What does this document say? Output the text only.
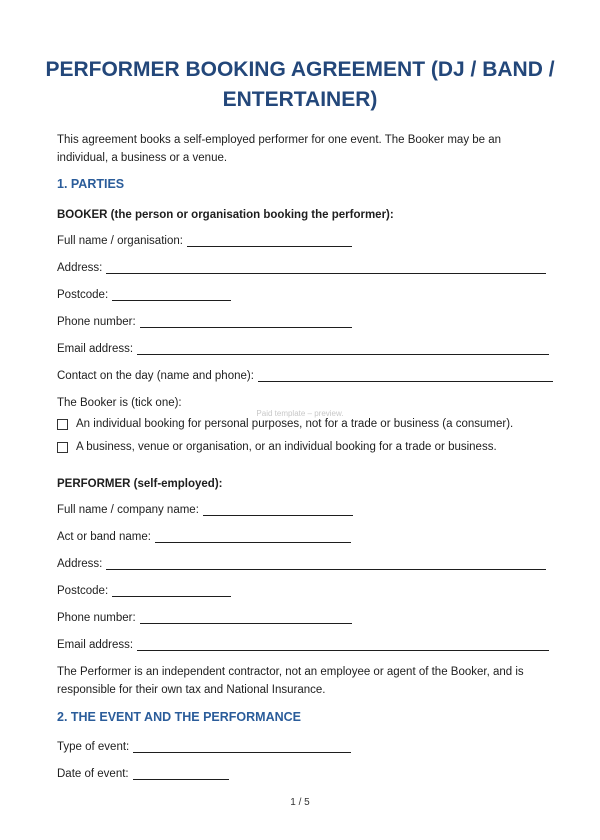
PERFORMER BOOKING AGREEMENT (DJ / BAND / ENTERTAINER)

This agreement books a self-employed performer for one event. The Booker may be an individual, a business or a venue.

1. PARTIES

BOOKER (the person or organisation booking the performer):

Full name / organisation:
Address:
Postcode:
Phone number:
Email address:
Contact on the day (name and phone):

The Booker is (tick one):

An individual booking for personal purposes, not for a trade or business (a consumer).
A business, venue or organisation, or an individual booking for a trade or business.

PERFORMER (self-employed):

Full name / company name:
Act or band name:
Address:
Postcode:
Phone number:
Email address:

The Performer is an independent contractor, not an employee or agent of the Booker, and is responsible for their own tax and National Insurance.

2. THE EVENT AND THE PERFORMANCE
Type of event:
Date of event:
Paid template – preview.
1 / 5
